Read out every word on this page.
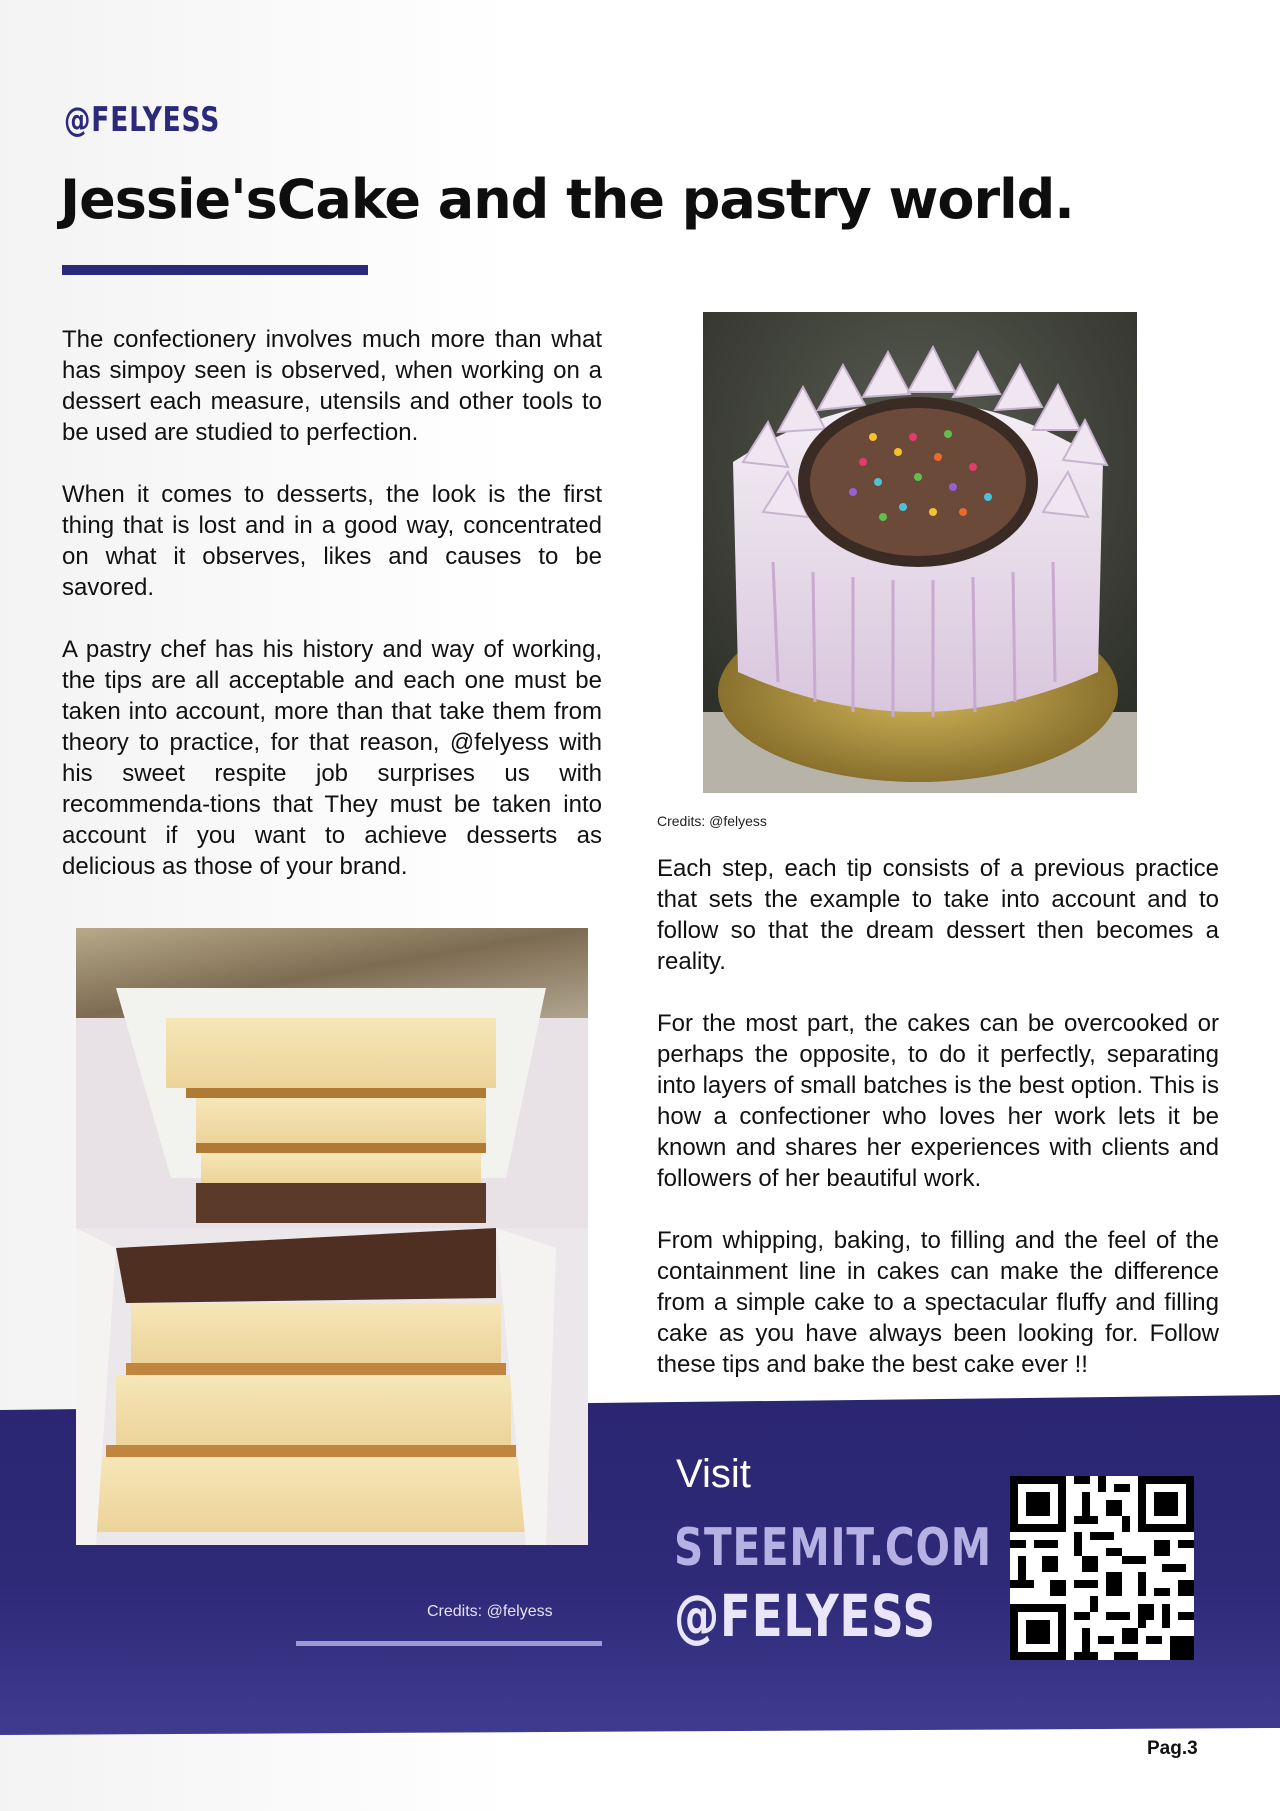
@FELYESS
Jessie'sCake and the pastry world.

The confectionery involves much more than what has simpoy seen is observed, when working on a dessert each measure, utensils and other tools to be used are studied to perfection.

When it comes to desserts, the look is the first thing that is lost and in a good way, concentrated on what it observes, likes and causes to be savored.

A pastry chef has his history and way of working, the tips are all acceptable and each one must be taken into account, more than that take them from theory to practice, for that reason, @felyess with his sweet respite job surprises us with recommenda-tions that They must be taken into account if you want to achieve desserts as delicious as those of your brand.

Credits: @felyess

Each step, each tip consists of a previous practice that sets the example to take into account and to follow so that the dream dessert then becomes a reality.

For the most part, the cakes can be overcooked or perhaps the opposite, to do it perfectly, separating into layers of small batches is the best option. This is how a confectioner who loves her work lets it be known and shares her experiences with clients and followers of her beautiful work.

From whipping, baking, to filling and the feel of the containment line in cakes can make the difference from a simple cake to a spectacular fluffy and filling cake as you have always been looking for. Follow these tips and bake the best cake ever !!

Credits: @felyess
Visit
STEEMIT.COM
@FELYESS
Pag.3
